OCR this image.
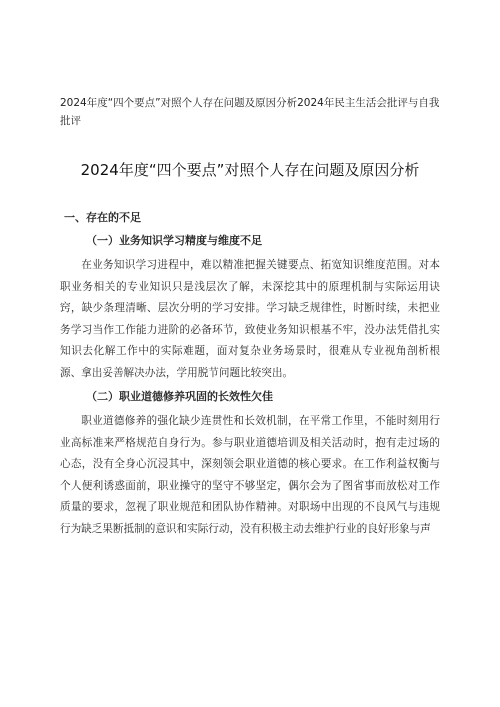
2024年度“四个要点”对照个人存在问题及原因分析2024年民主生活会批评与自我批评
2024年度“四个要点”对照个人存在问题及原因分析
一、存在的不足
（一）业务知识学习精度与维度不足

在业务知识学习进程中，难以精准把握关键要点、拓宽知识维度范围。对本职业务相关的专业知识只是浅层次了解，未深挖其中的原理机制与实际运用诀窍，缺少条理清晰、层次分明的学习安排。学习缺乏规律性，时断时续，未把业务学习当作工作能力进阶的必备环节，致使业务知识根基不牢，没办法凭借扎实知识去化解工作中的实际难题，面对复杂业务场景时，很难从专业视角剖析根源、拿出妥善解决办法，学用脱节问题比较突出。

（二）职业道德修养巩固的长效性欠佳

职业道德修养的强化缺少连贯性和长效机制，在平常工作里，不能时刻用行业高标准来严格规范自身行为。参与职业道德培训及相关活动时，抱有走过场的心态，没有全身心沉浸其中，深刻领会职业道德的核心要求。在工作利益权衡与个人便利诱惑面前，职业操守的坚守不够坚定，偶尔会为了图省事而放松对工作质量的要求，忽视了职业规范和团队协作精神。对职场中出现的不良风气与违规行为缺乏果断抵制的意识和实际行动，没有积极主动去维护行业的良好形象与声
